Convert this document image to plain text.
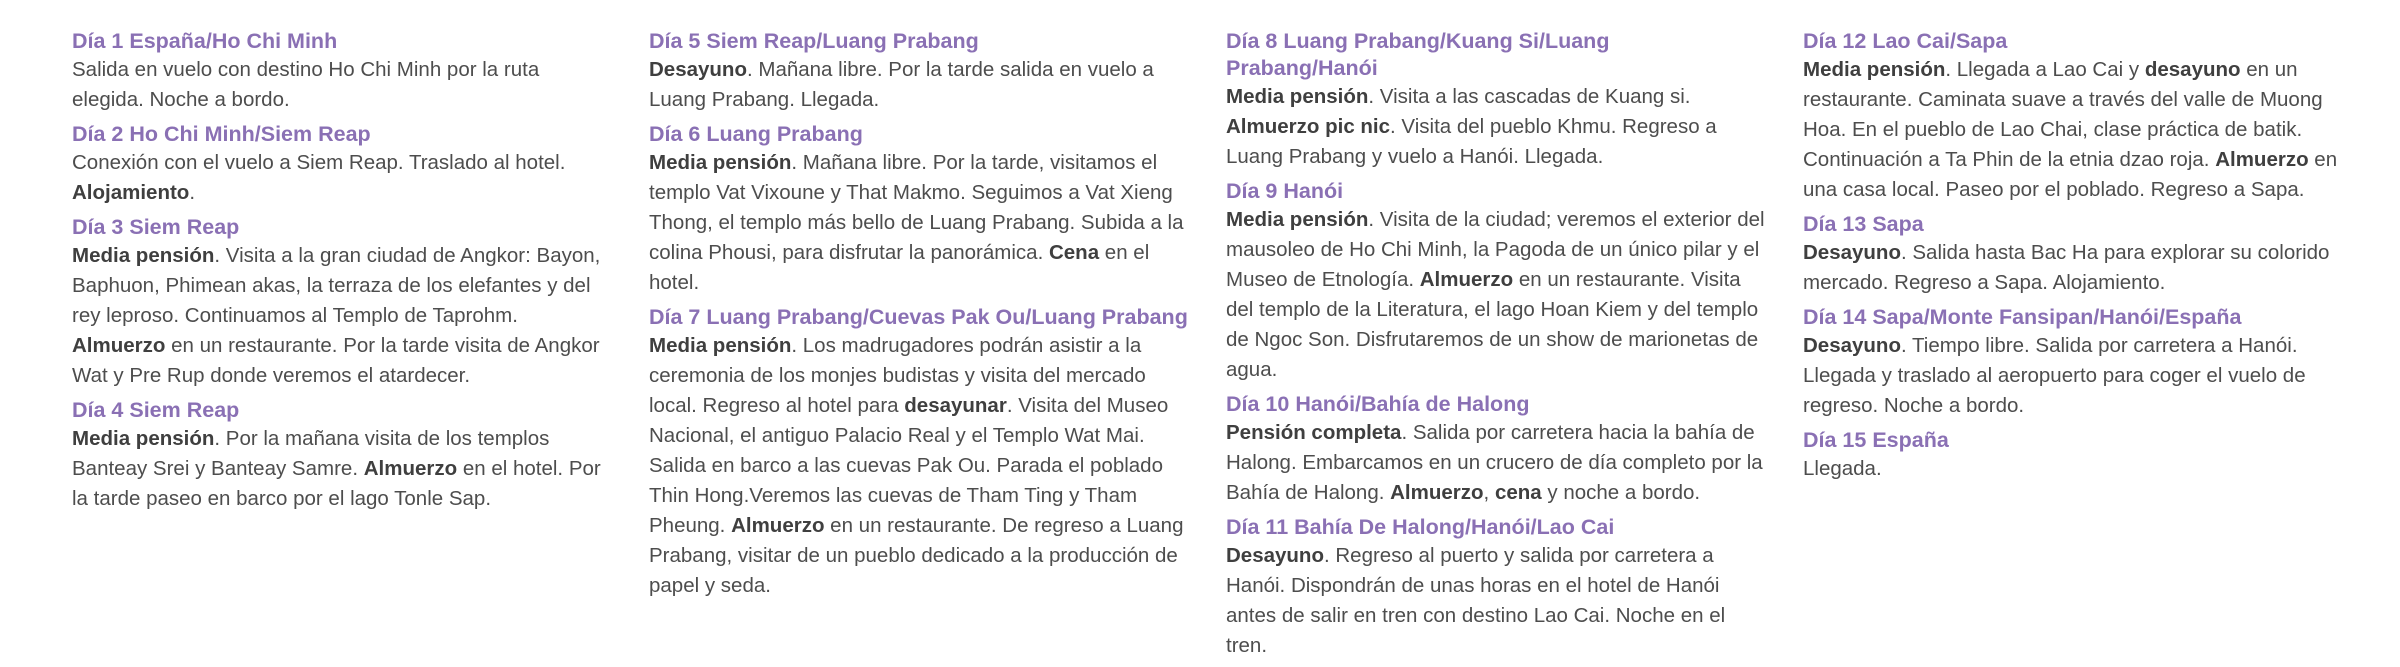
Día 1 España/Ho Chi Minh
Salida en vuelo con destino Ho Chi Minh por la ruta elegida. Noche a bordo.
Día 2 Ho Chi Minh/Siem Reap
Conexión con el vuelo a Siem Reap. Traslado al hotel. Alojamiento.
Día 3 Siem Reap
Media pensión. Visita a la gran ciudad de Angkor: Bayon, Baphuon, Phimean akas, la terraza de los elefantes y del rey leproso. Continuamos al Templo de Taprohm. Almuerzo en un restaurante. Por la tarde visita de Angkor Wat y Pre Rup donde veremos el atardecer.
Día 4 Siem Reap
Media pensión. Por la mañana visita de los templos Banteay Srei y Banteay Samre. Almuerzo en el hotel. Por la tarde paseo en barco por el lago Tonle Sap.
Día 5 Siem Reap/Luang Prabang
Desayuno. Mañana libre. Por la tarde salida en vuelo a Luang Prabang. Llegada.
Día 6 Luang Prabang
Media pensión. Mañana libre. Por la tarde, visitamos el templo Vat Vixoune y That Makmo. Seguimos a Vat Xieng Thong, el templo más bello de Luang Prabang. Subida a la colina Phousi, para disfrutar la panorámica. Cena en el hotel.
Día 7 Luang Prabang/Cuevas Pak Ou/Luang Prabang
Media pensión. Los madrugadores podrán asistir a la ceremonia de los monjes budistas y visita del mercado local. Regreso al hotel para desayunar. Visita del Museo Nacional, el antiguo Palacio Real y el Templo Wat Mai. Salida en barco a las cuevas Pak Ou. Parada el poblado Thin Hong.Veremos las cuevas de Tham Ting y Tham Pheung. Almuerzo en un restaurante. De regreso a Luang Prabang, visitar de un pueblo dedicado a la producción de papel y seda.
Día 8 Luang Prabang/Kuang Si/Luang Prabang/Hanói
Media pensión. Visita a las cascadas de Kuang si. Almuerzo pic nic. Visita del pueblo Khmu. Regreso a Luang Prabang y vuelo a Hanói. Llegada.
Día 9 Hanói
Media pensión. Visita de la ciudad; veremos el exterior del mausoleo de Ho Chi Minh, la Pagoda de un único pilar y el Museo de Etnología. Almuerzo en un restaurante. Visita del templo de la Literatura, el lago Hoan Kiem y del templo de Ngoc Son. Disfrutaremos de un show de marionetas de agua.
Día 10 Hanói/Bahía de Halong
Pensión completa. Salida por carretera hacia la bahía de Halong. Embarcamos en un crucero de día completo por la Bahía de Halong. Almuerzo, cena y noche a bordo.
Día 11 Bahía De Halong/Hanói/Lao Cai
Desayuno. Regreso al puerto y salida por carretera a Hanói. Dispondrán de unas horas en el hotel de Hanói antes de salir en tren con destino Lao Cai. Noche en el tren.
Día 12 Lao Cai/Sapa
Media pensión. Llegada a Lao Cai y desayuno en un restaurante. Caminata suave a través del valle de Muong Hoa. En el pueblo de Lao Chai, clase práctica de batik. Continuación a Ta Phin de la etnia dzao roja. Almuerzo en una casa local. Paseo por el poblado. Regreso a Sapa.
Día 13 Sapa
Desayuno. Salida hasta Bac Ha para explorar su colorido mercado. Regreso a Sapa. Alojamiento.
Día 14 Sapa/Monte Fansipan/Hanói/España
Desayuno. Tiempo libre. Salida por carretera a Hanói. Llegada y traslado al aeropuerto para coger el vuelo de regreso. Noche a bordo.
Día 15 España
Llegada.
